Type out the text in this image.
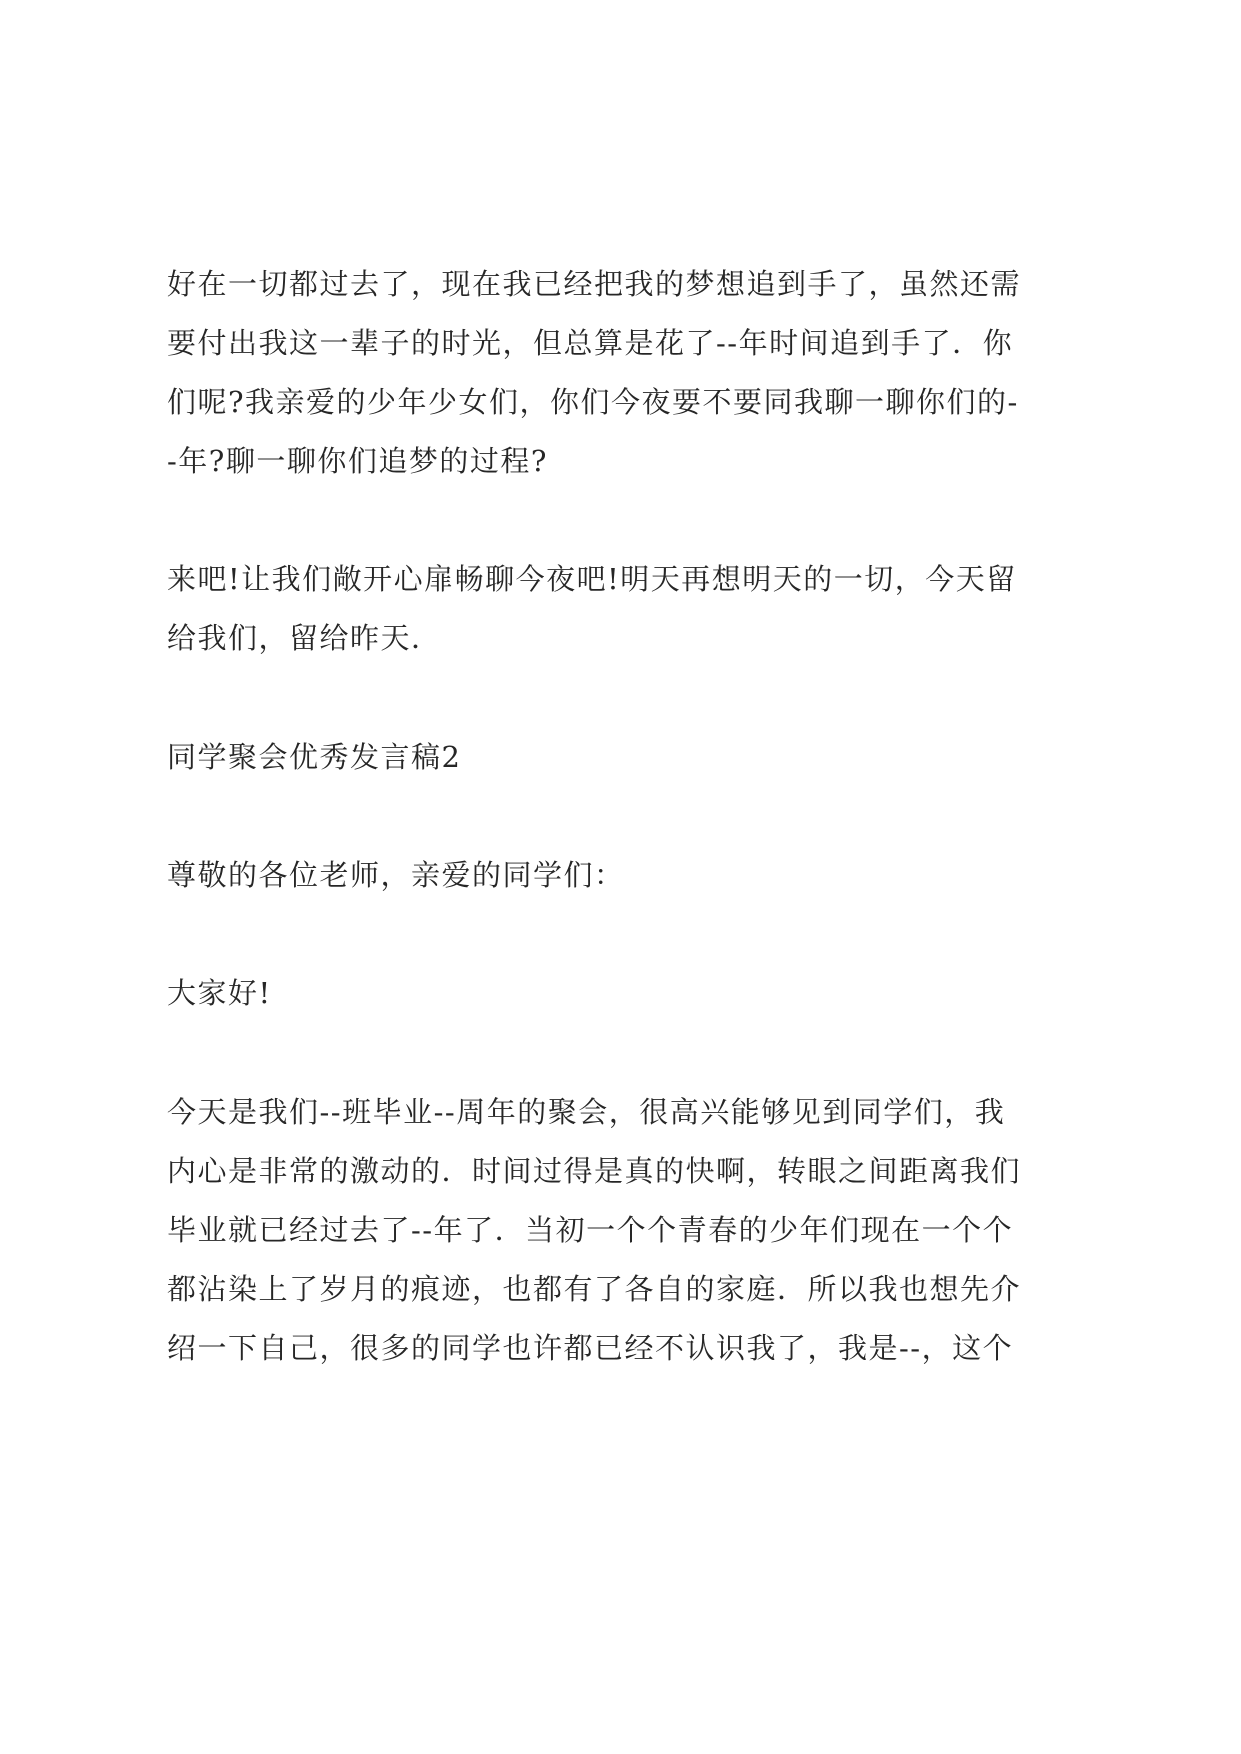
好在一切都过去了，现在我已经把我的梦想追到手了，虽然还需
要付出我这一辈子的时光，但总算是花了--年时间追到手了．你
们呢?我亲爱的少年少女们，你们今夜要不要同我聊一聊你们的-
-年?聊一聊你们追梦的过程?
来吧!让我们敞开心扉畅聊今夜吧!明天再想明天的一切，今天留
给我们，留给昨天．
同学聚会优秀发言稿2
尊敬的各位老师，亲爱的同学们：
大家好!
今天是我们--班毕业--周年的聚会，很高兴能够见到同学们，我
内心是非常的激动的．时间过得是真的快啊，转眼之间距离我们
毕业就已经过去了--年了．当初一个个青春的少年们现在一个个
都沾染上了岁月的痕迹，也都有了各自的家庭．所以我也想先介
绍一下自己，很多的同学也许都已经不认识我了，我是--，这个
